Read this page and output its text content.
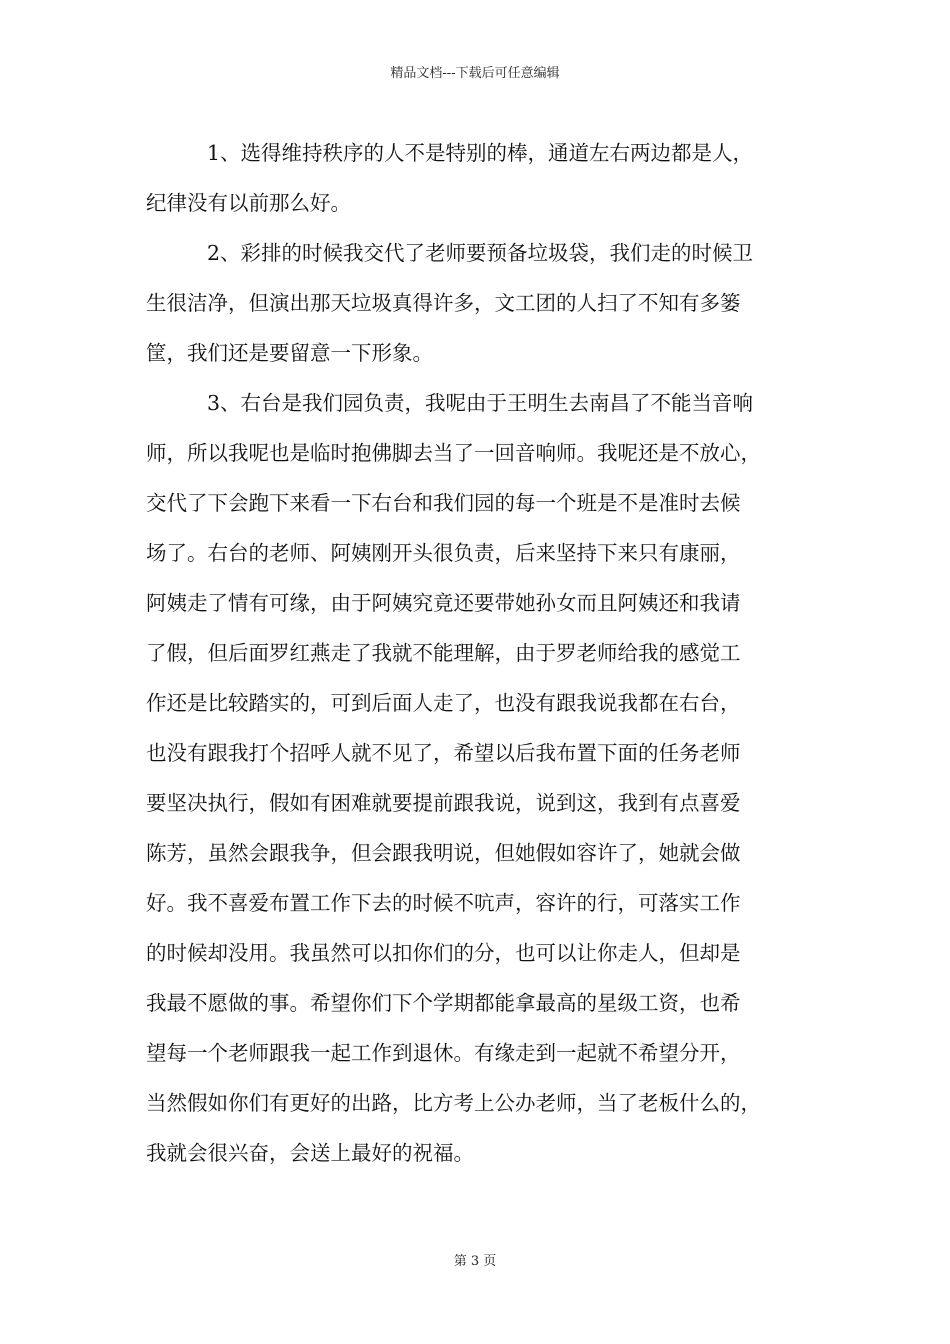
精品文档---下载后可任意编辑
1、选得维持秩序的人不是特别的棒，通道左右两边都是人，
纪律没有以前那么好。
2、彩排的时候我交代了老师要预备垃圾袋，我们走的时候卫
生很洁净，但演出那天垃圾真得许多，文工团的人扫了不知有多篓
筐，我们还是要留意一下形象。
3、右台是我们园负责，我呢由于王明生去南昌了不能当音响
师，所以我呢也是临时抱佛脚去当了一回音响师。我呢还是不放心，
交代了下会跑下来看一下右台和我们园的每一个班是不是准时去候
场了。右台的老师、阿姨刚开头很负责，后来坚持下来只有康丽，
阿姨走了情有可缘，由于阿姨究竟还要带她孙女而且阿姨还和我请
了假，但后面罗红燕走了我就不能理解，由于罗老师给我的感觉工
作还是比较踏实的，可到后面人走了，也没有跟我说我都在右台，
也没有跟我打个招呼人就不见了，希望以后我布置下面的任务老师
要坚决执行，假如有困难就要提前跟我说，说到这，我到有点喜爱
陈芳，虽然会跟我争，但会跟我明说，但她假如容许了，她就会做
好。我不喜爱布置工作下去的时候不吭声，容许的行，可落实工作
的时候却没用。我虽然可以扣你们的分，也可以让你走人，但却是
我最不愿做的事。希望你们下个学期都能拿最高的星级工资，也希
望每一个老师跟我一起工作到退休。有缘走到一起就不希望分开，
当然假如你们有更好的出路，比方考上公办老师，当了老板什么的，
我就会很兴奋，会送上最好的祝福。
第 3 页
